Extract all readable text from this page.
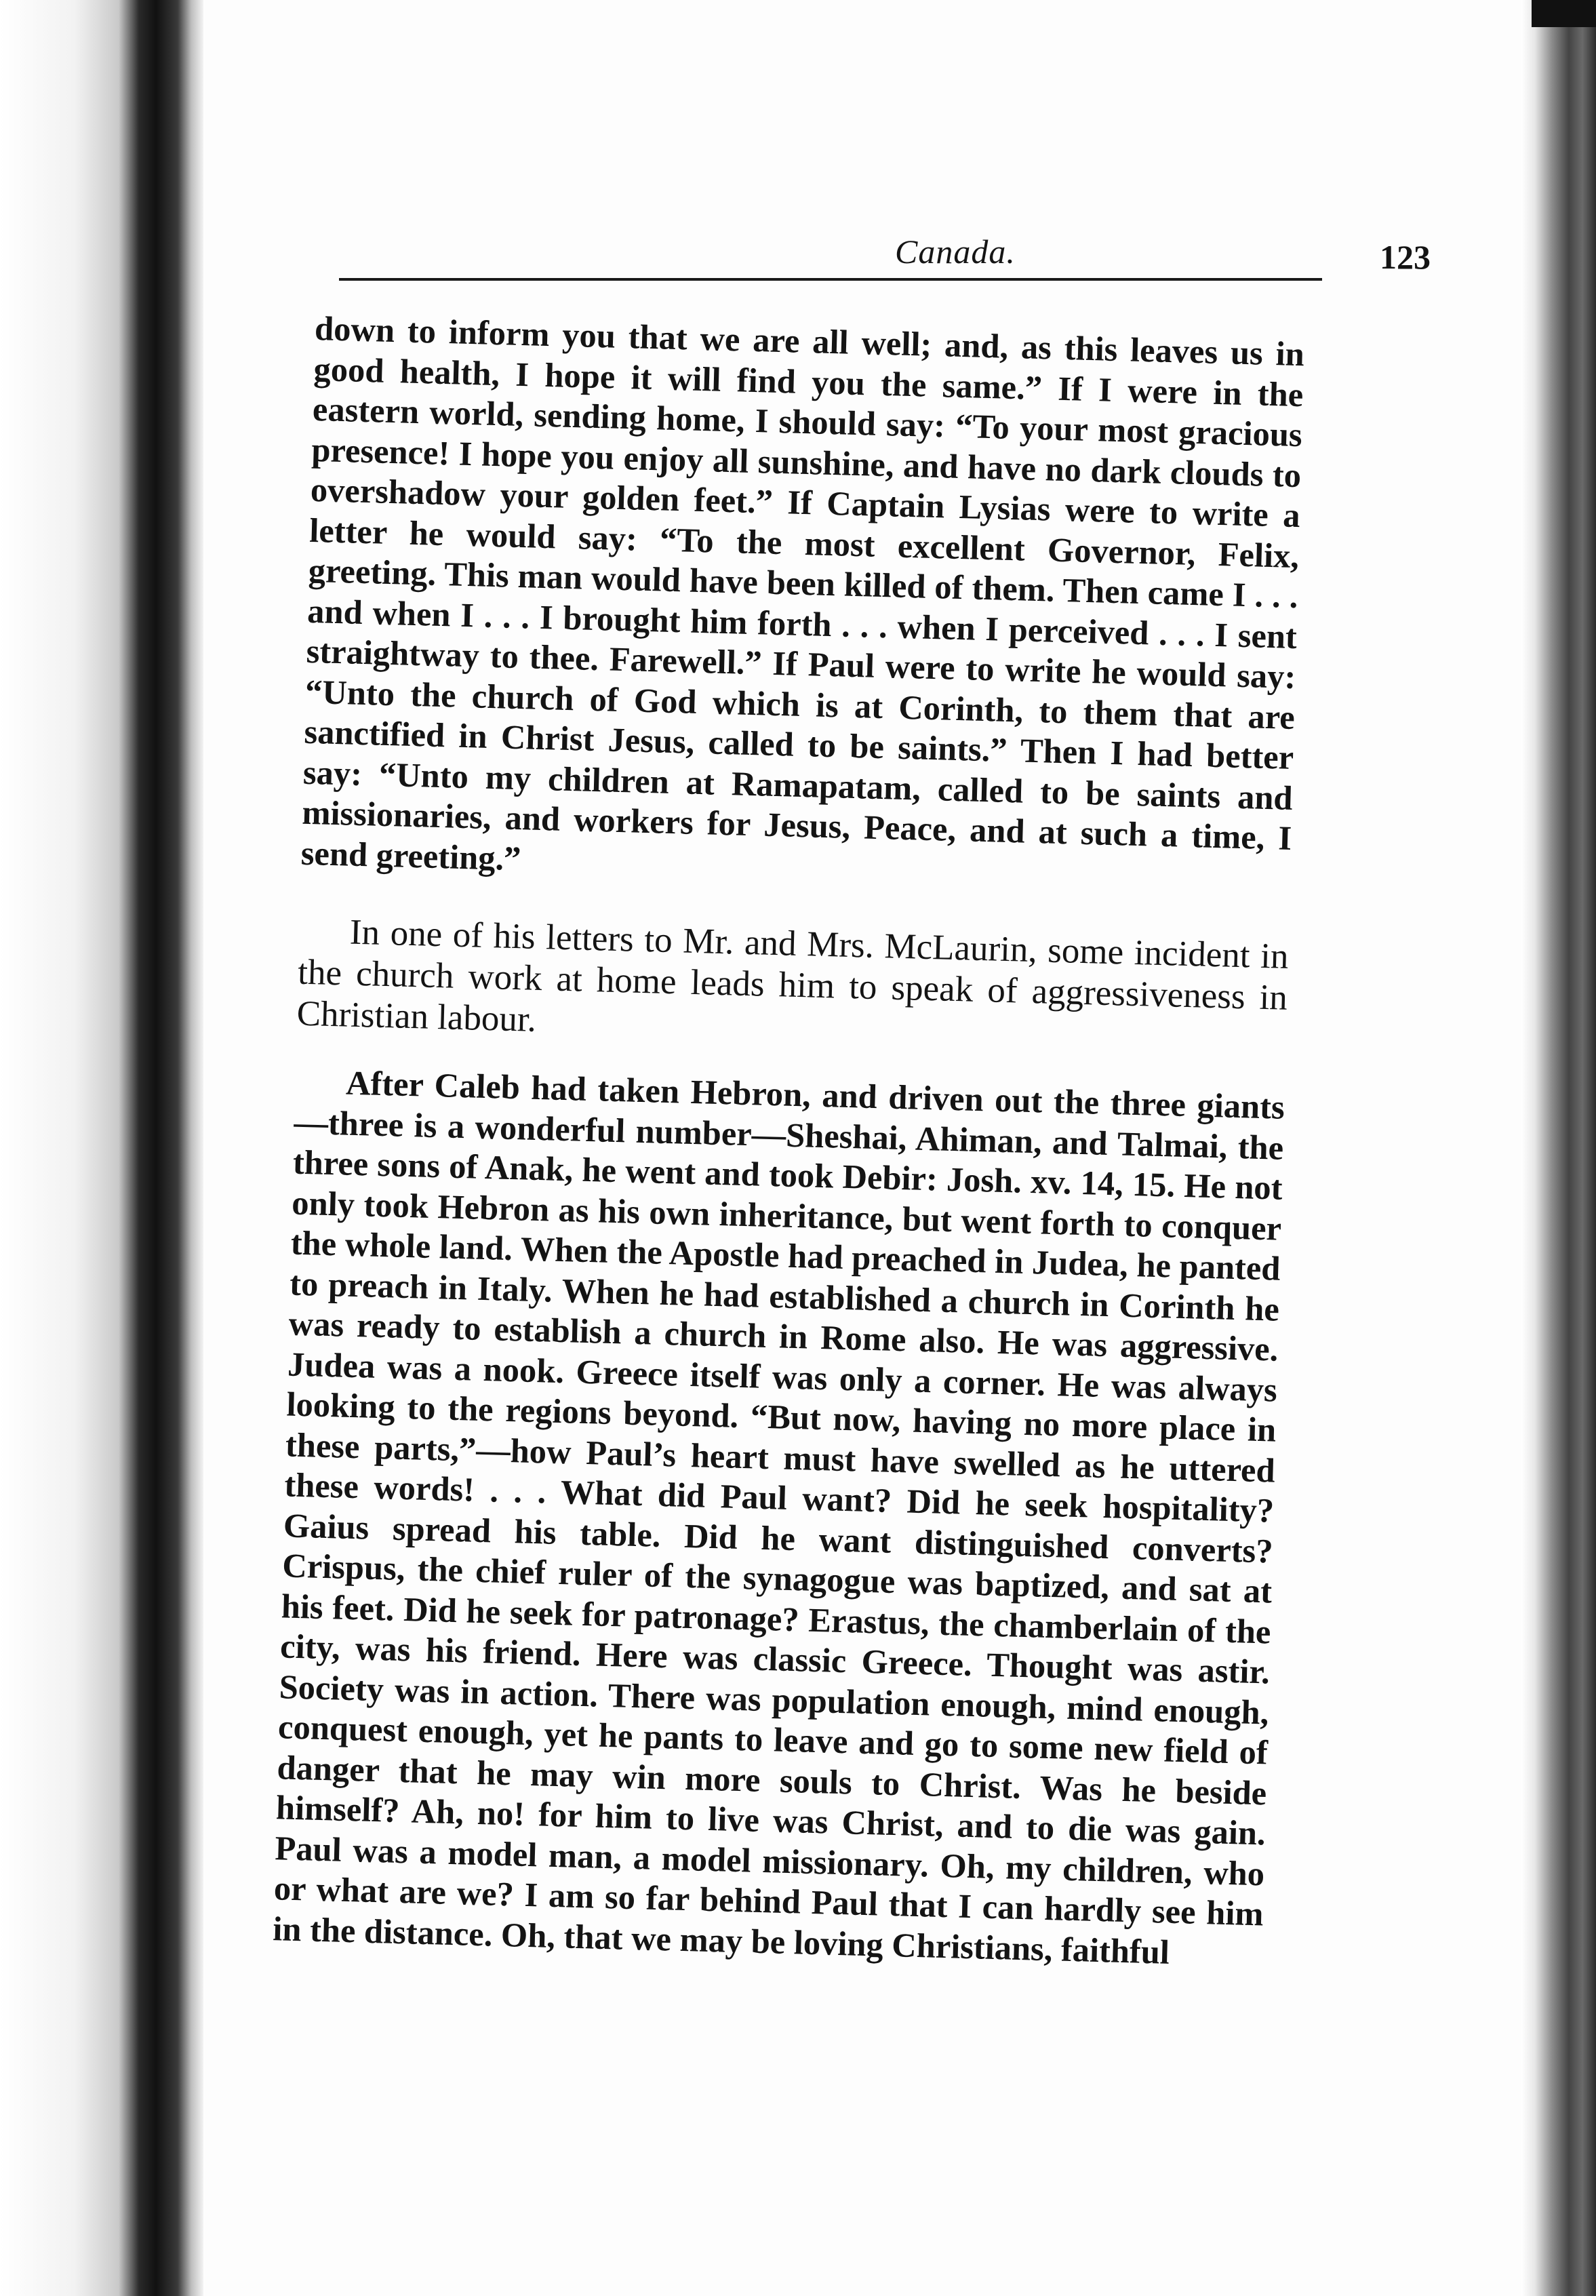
Canada.	123

down to inform you that we are all well; and, as this leaves us in good health, I hope it will find you the same.” If I were in the eastern world, sending home, I should say: “To your most gracious presence! I hope you enjoy all sunshine, and have no dark clouds to overshadow your golden feet.” If Captain Lysias were to write a letter he would say: “To the most excellent Governor, Felix, greeting. This man would have been killed of them. Then came I . . . and when I . . . I brought him forth . . . when I perceived . . . I sent straightway to thee. Farewell.” If Paul were to write he would say: “Unto the church of God which is at Corinth, to them that are sanctified in Christ Jesus, called to be saints.” Then I had better say: “Unto my children at Ramapatam, called to be saints and missionaries, and workers for Jesus, Peace, and at such a time, I send greeting.”

In one of his letters to Mr. and Mrs. McLaurin, some incident in the church work at home leads him to speak of aggressiveness in Christian labour.

After Caleb had taken Hebron, and driven out the three giants—three is a wonderful number—Sheshai, Ahiman, and Talmai, the three sons of Anak, he went and took Debir: Josh. xv. 14, 15. He not only took Hebron as his own inheritance, but went forth to conquer the whole land. When the Apostle had preached in Judea, he panted to preach in Italy. When he had established a church in Corinth he was ready to establish a church in Rome also. He was aggressive. Judea was a nook. Greece itself was only a corner. He was always looking to the regions beyond. “But now, having no more place in these parts,”—how Paul’s heart must have swelled as he uttered these words! . . . What did Paul want? Did he seek hospitality? Gaius spread his table. Did he want distinguished converts? Crispus, the chief ruler of the synagogue was baptized, and sat at his feet. Did he seek for patronage? Erastus, the chamberlain of the city, was his friend. Here was classic Greece. Thought was astir. Society was in action. There was population enough, mind enough, conquest enough, yet he pants to leave and go to some new field of danger that he may win more souls to Christ. Was he beside himself? Ah, no! for him to live was Christ, and to die was gain. Paul was a model man, a model missionary. Oh, my children, who or what are we? I am so far behind Paul that I can hardly see him in the distance. Oh, that we may be loving Christians, faithful
